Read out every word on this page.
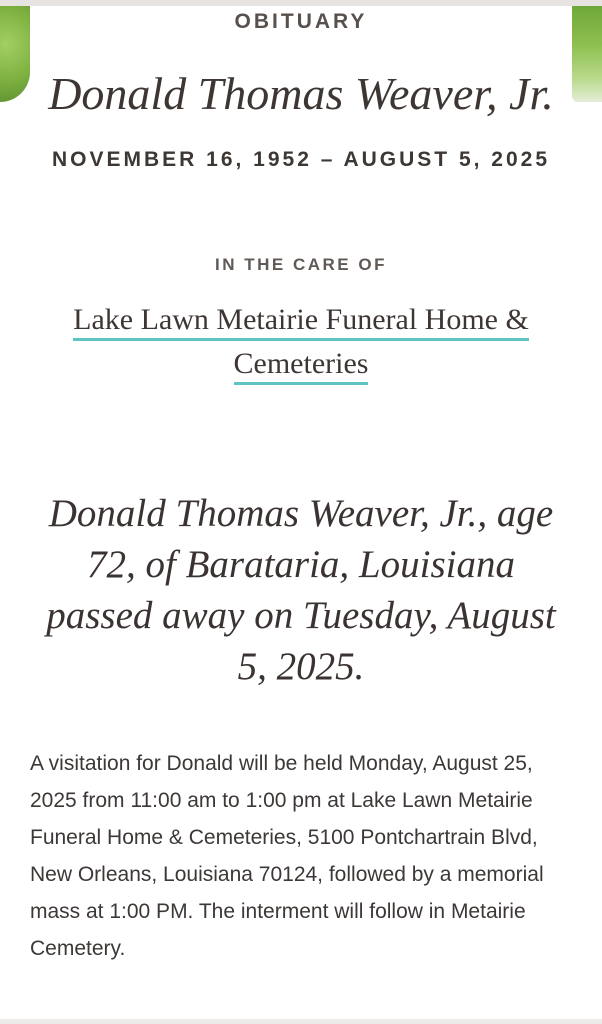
OBITUARY
Donald Thomas Weaver, Jr.
NOVEMBER 16, 1952 – AUGUST 5, 2025
IN THE CARE OF
Lake Lawn Metairie Funeral Home & Cemeteries

Donald Thomas Weaver, Jr., age 72, of Barataria, Louisiana passed away on Tuesday, August 5, 2025.

A visitation for Donald will be held Monday, August 25, 2025 from 11:00 am to 1:00 pm at Lake Lawn Metairie Funeral Home & Cemeteries, 5100 Pontchartrain Blvd, New Orleans, Louisiana 70124, followed by a memorial mass at 1:00 PM. The interment will follow in Metairie Cemetery.
